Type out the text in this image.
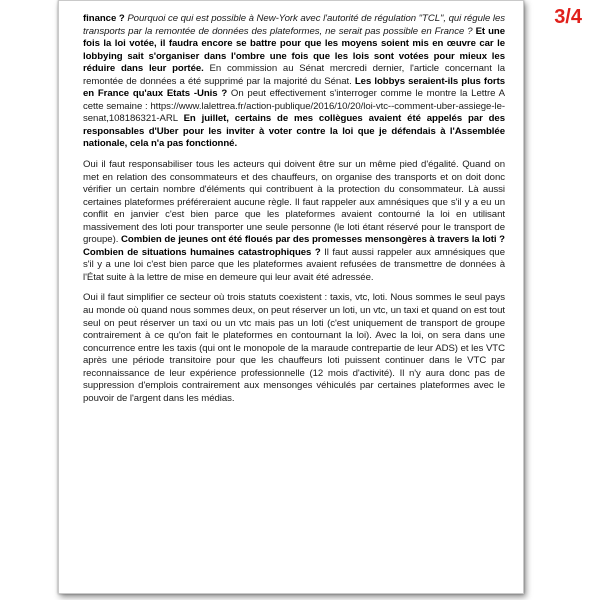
3/4

finance ? Pourquoi ce qui est possible à New-York avec l'autorité de régulation "TCL", qui régule les transports par la remontée de données des plateformes, ne serait pas possible en France ? Et une fois la loi votée, il faudra encore se battre pour que les moyens soient mis en œuvre car le lobbying sait s'organiser dans l'ombre une fois que les lois sont votées pour mieux les réduire dans leur portée. En commission au Sénat mercredi dernier, l'article concernant la remontée de données a été supprimé par la majorité du Sénat. Les lobbys seraient-ils plus forts en France qu'aux Etats -Unis ? On peut effectivement s'interroger comme le montre la Lettre A cette semaine : https://www.lalettrea.fr/action-publique/2016/10/20/loi-vtc--comment-uber-assiege-le-senat,108186321-ARL En juillet, certains de mes collègues avaient été appelés par des responsables d'Uber pour les inviter à voter contre la loi que je défendais à l'Assemblée nationale, cela n'a pas fonctionné.

Oui il faut responsabiliser tous les acteurs qui doivent être sur un même pied d'égalité. Quand on met en relation des consommateurs et des chauffeurs, on organise des transports et on doit donc vérifier un certain nombre d'éléments qui contribuent à la protection du consommateur. Là aussi certaines plateformes préféreraient aucune règle. Il faut rappeler aux amnésiques que s'il y a eu un conflit en janvier c'est bien parce que les plateformes avaient contourné la loi en utilisant massivement des loti pour transporter une seule personne (le loti étant réservé pour le transport de groupe). Combien de jeunes ont été floués par des promesses mensongères à travers la loti ? Combien de situations humaines catastrophiques ? Il faut aussi rappeler aux amnésiques que s'il y a une loi c'est bien parce que les plateformes avaient refusées de transmettre de données à l'État suite à la lettre de mise en demeure qui leur avait été adressée.

Oui il faut simplifier ce secteur où trois statuts coexistent : taxis, vtc, loti. Nous sommes le seul pays au monde où quand nous sommes deux, on peut réserver un loti, un vtc, un taxi et quand on est tout seul on peut réserver un taxi ou un vtc mais pas un loti (c'est uniquement de transport de groupe contrairement à ce qu'on fait le plateformes en contournant la loi). Avec la loi, on sera dans une concurrence entre les taxis (qui ont le monopole de la maraude contrepartie de leur ADS) et les VTC après une période transitoire pour que les chauffeurs loti puissent continuer dans le VTC par reconnaissance de leur expérience professionnelle (12 mois d'activité). Il n'y aura donc pas de suppression d'emplois contrairement aux mensonges véhiculés par certaines plateformes avec le pouvoir de l'argent dans les médias.
